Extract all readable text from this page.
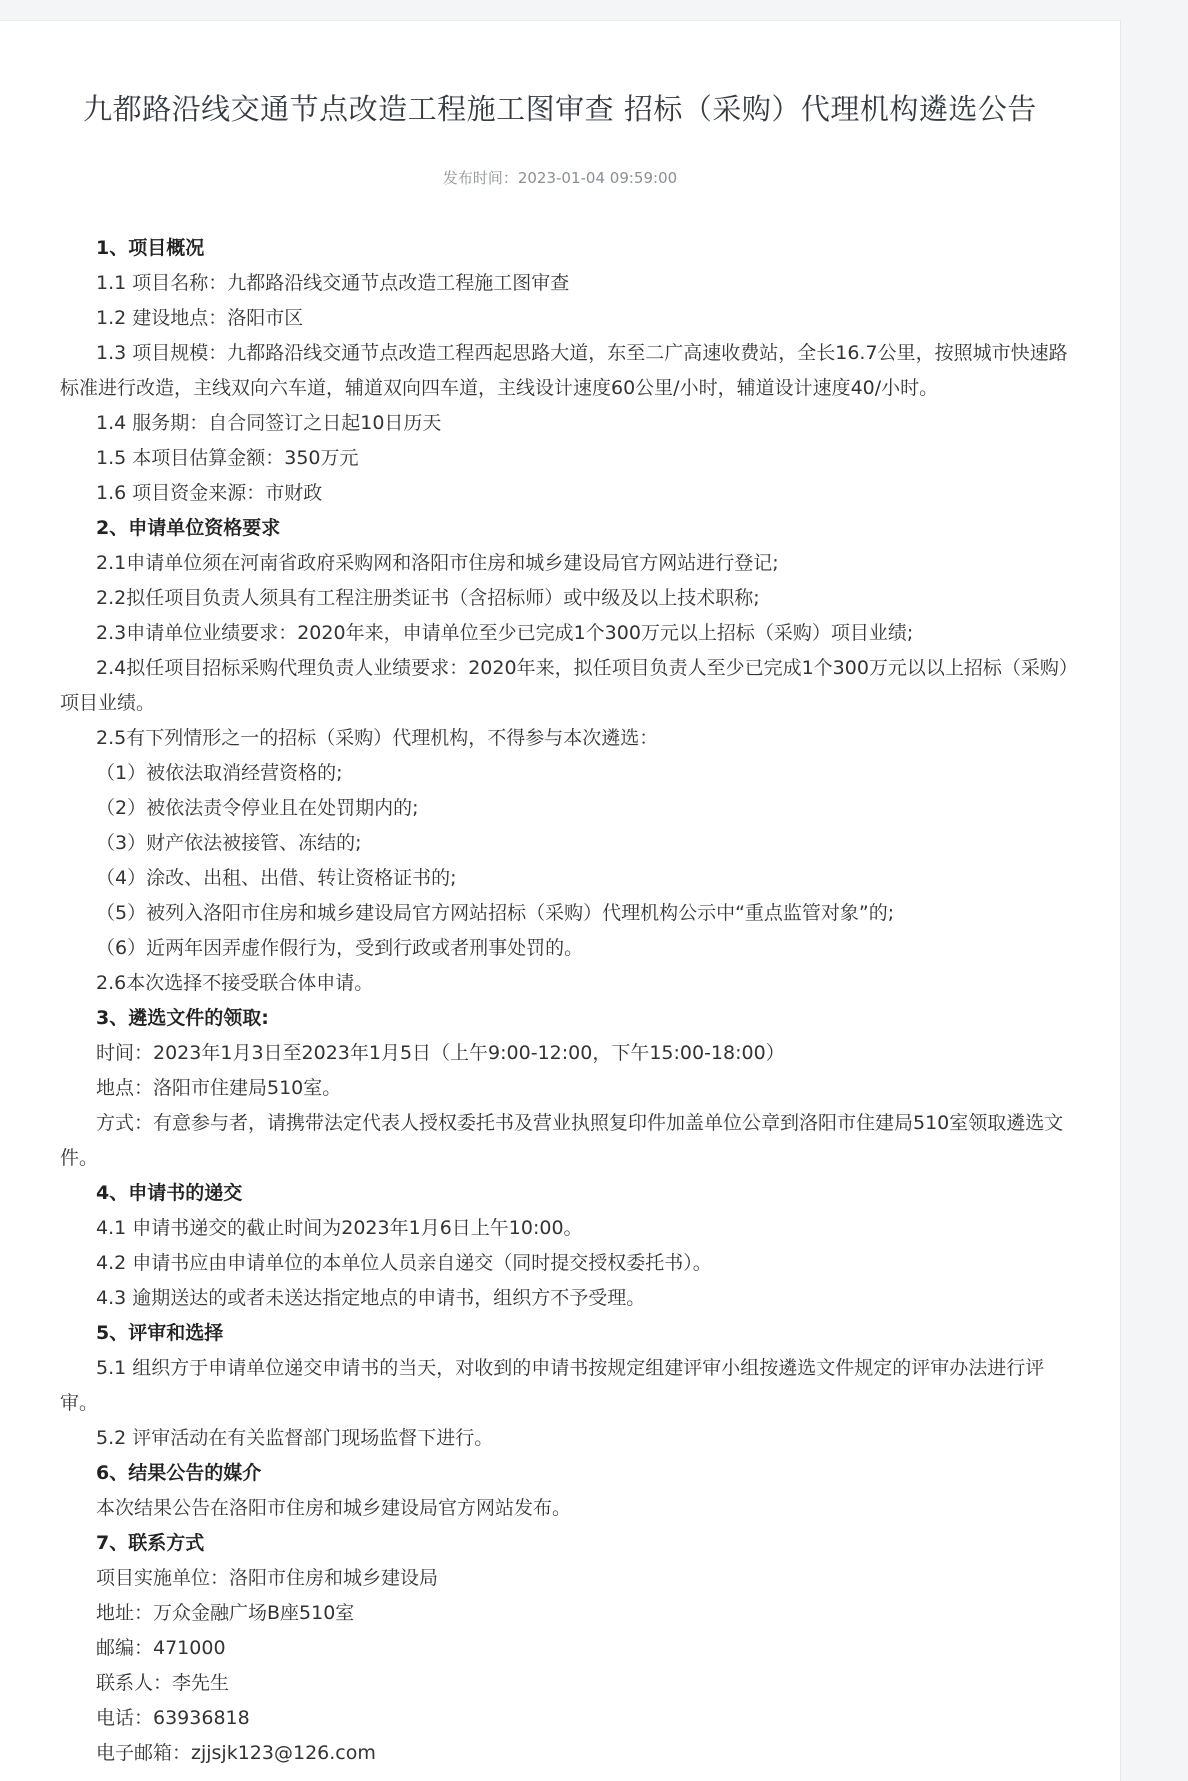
九都路沿线交通节点改造工程施工图审查 招标（采购）代理机构遴选公告
发布时间：2023-01-04 09:59:00

1、项目概况

1.1 项目名称：九都路沿线交通节点改造工程施工图审查

1.2 建设地点：洛阳市区

1.3 项目规模：九都路沿线交通节点改造工程西起思路大道，东至二广高速收费站，全长16.7公里，按照城市快速路标准进行改造，主线双向六车道，辅道双向四车道，主线设计速度60公里/小时，辅道设计速度40/小时。

1.4 服务期：自合同签订之日起10日历天

1.5 本项目估算金额：350万元

1.6 项目资金来源：市财政

2、申请单位资格要求

2.1申请单位须在河南省政府采购网和洛阳市住房和城乡建设局官方网站进行登记;

2.2拟任项目负责人须具有工程注册类证书（含招标师）或中级及以上技术职称;

2.3申请单位业绩要求：2020年来，申请单位至少已完成1个300万元以上招标（采购）项目业绩;

2.4拟任项目招标采购代理负责人业绩要求：2020年来，拟任项目负责人至少已完成1个300万元以以上招标（采购）项目业绩。

2.5有下列情形之一的招标（采购）代理机构，不得参与本次遴选：

（1）被依法取消经营资格的;

（2）被依法责令停业且在处罚期内的;

（3）财产依法被接管、冻结的;

（4）涂改、出租、出借、转让资格证书的;

（5）被列入洛阳市住房和城乡建设局官方网站招标（采购）代理机构公示中“重点监管对象”的;

（6）近两年因弄虚作假行为，受到行政或者刑事处罚的。

2.6本次选择不接受联合体申请。

3、遴选文件的领取:

时间：2023年1月3日至2023年1月5日（上午9:00-12:00，下午15:00-18:00）

地点：洛阳市住建局510室。

方式：有意参与者，请携带法定代表人授权委托书及营业执照复印件加盖单位公章到洛阳市住建局510室领取遴选文件。

4、申请书的递交

4.1 申请书递交的截止时间为2023年1月6日上午10:00。

4.2 申请书应由申请单位的本单位人员亲自递交（同时提交授权委托书）。

4.3 逾期送达的或者未送达指定地点的申请书，组织方不予受理。

5、评审和选择

5.1 组织方于申请单位递交申请书的当天，对收到的申请书按规定组建评审小组按遴选文件规定的评审办法进行评审。

5.2 评审活动在有关监督部门现场监督下进行。

6、结果公告的媒介

本次结果公告在洛阳市住房和城乡建设局官方网站发布。

7、联系方式

项目实施单位：洛阳市住房和城乡建设局

地址：万众金融广场B座510室

邮编：471000

联系人：李先生

电话：63936818

电子邮箱：zjjsjk123@126.com
